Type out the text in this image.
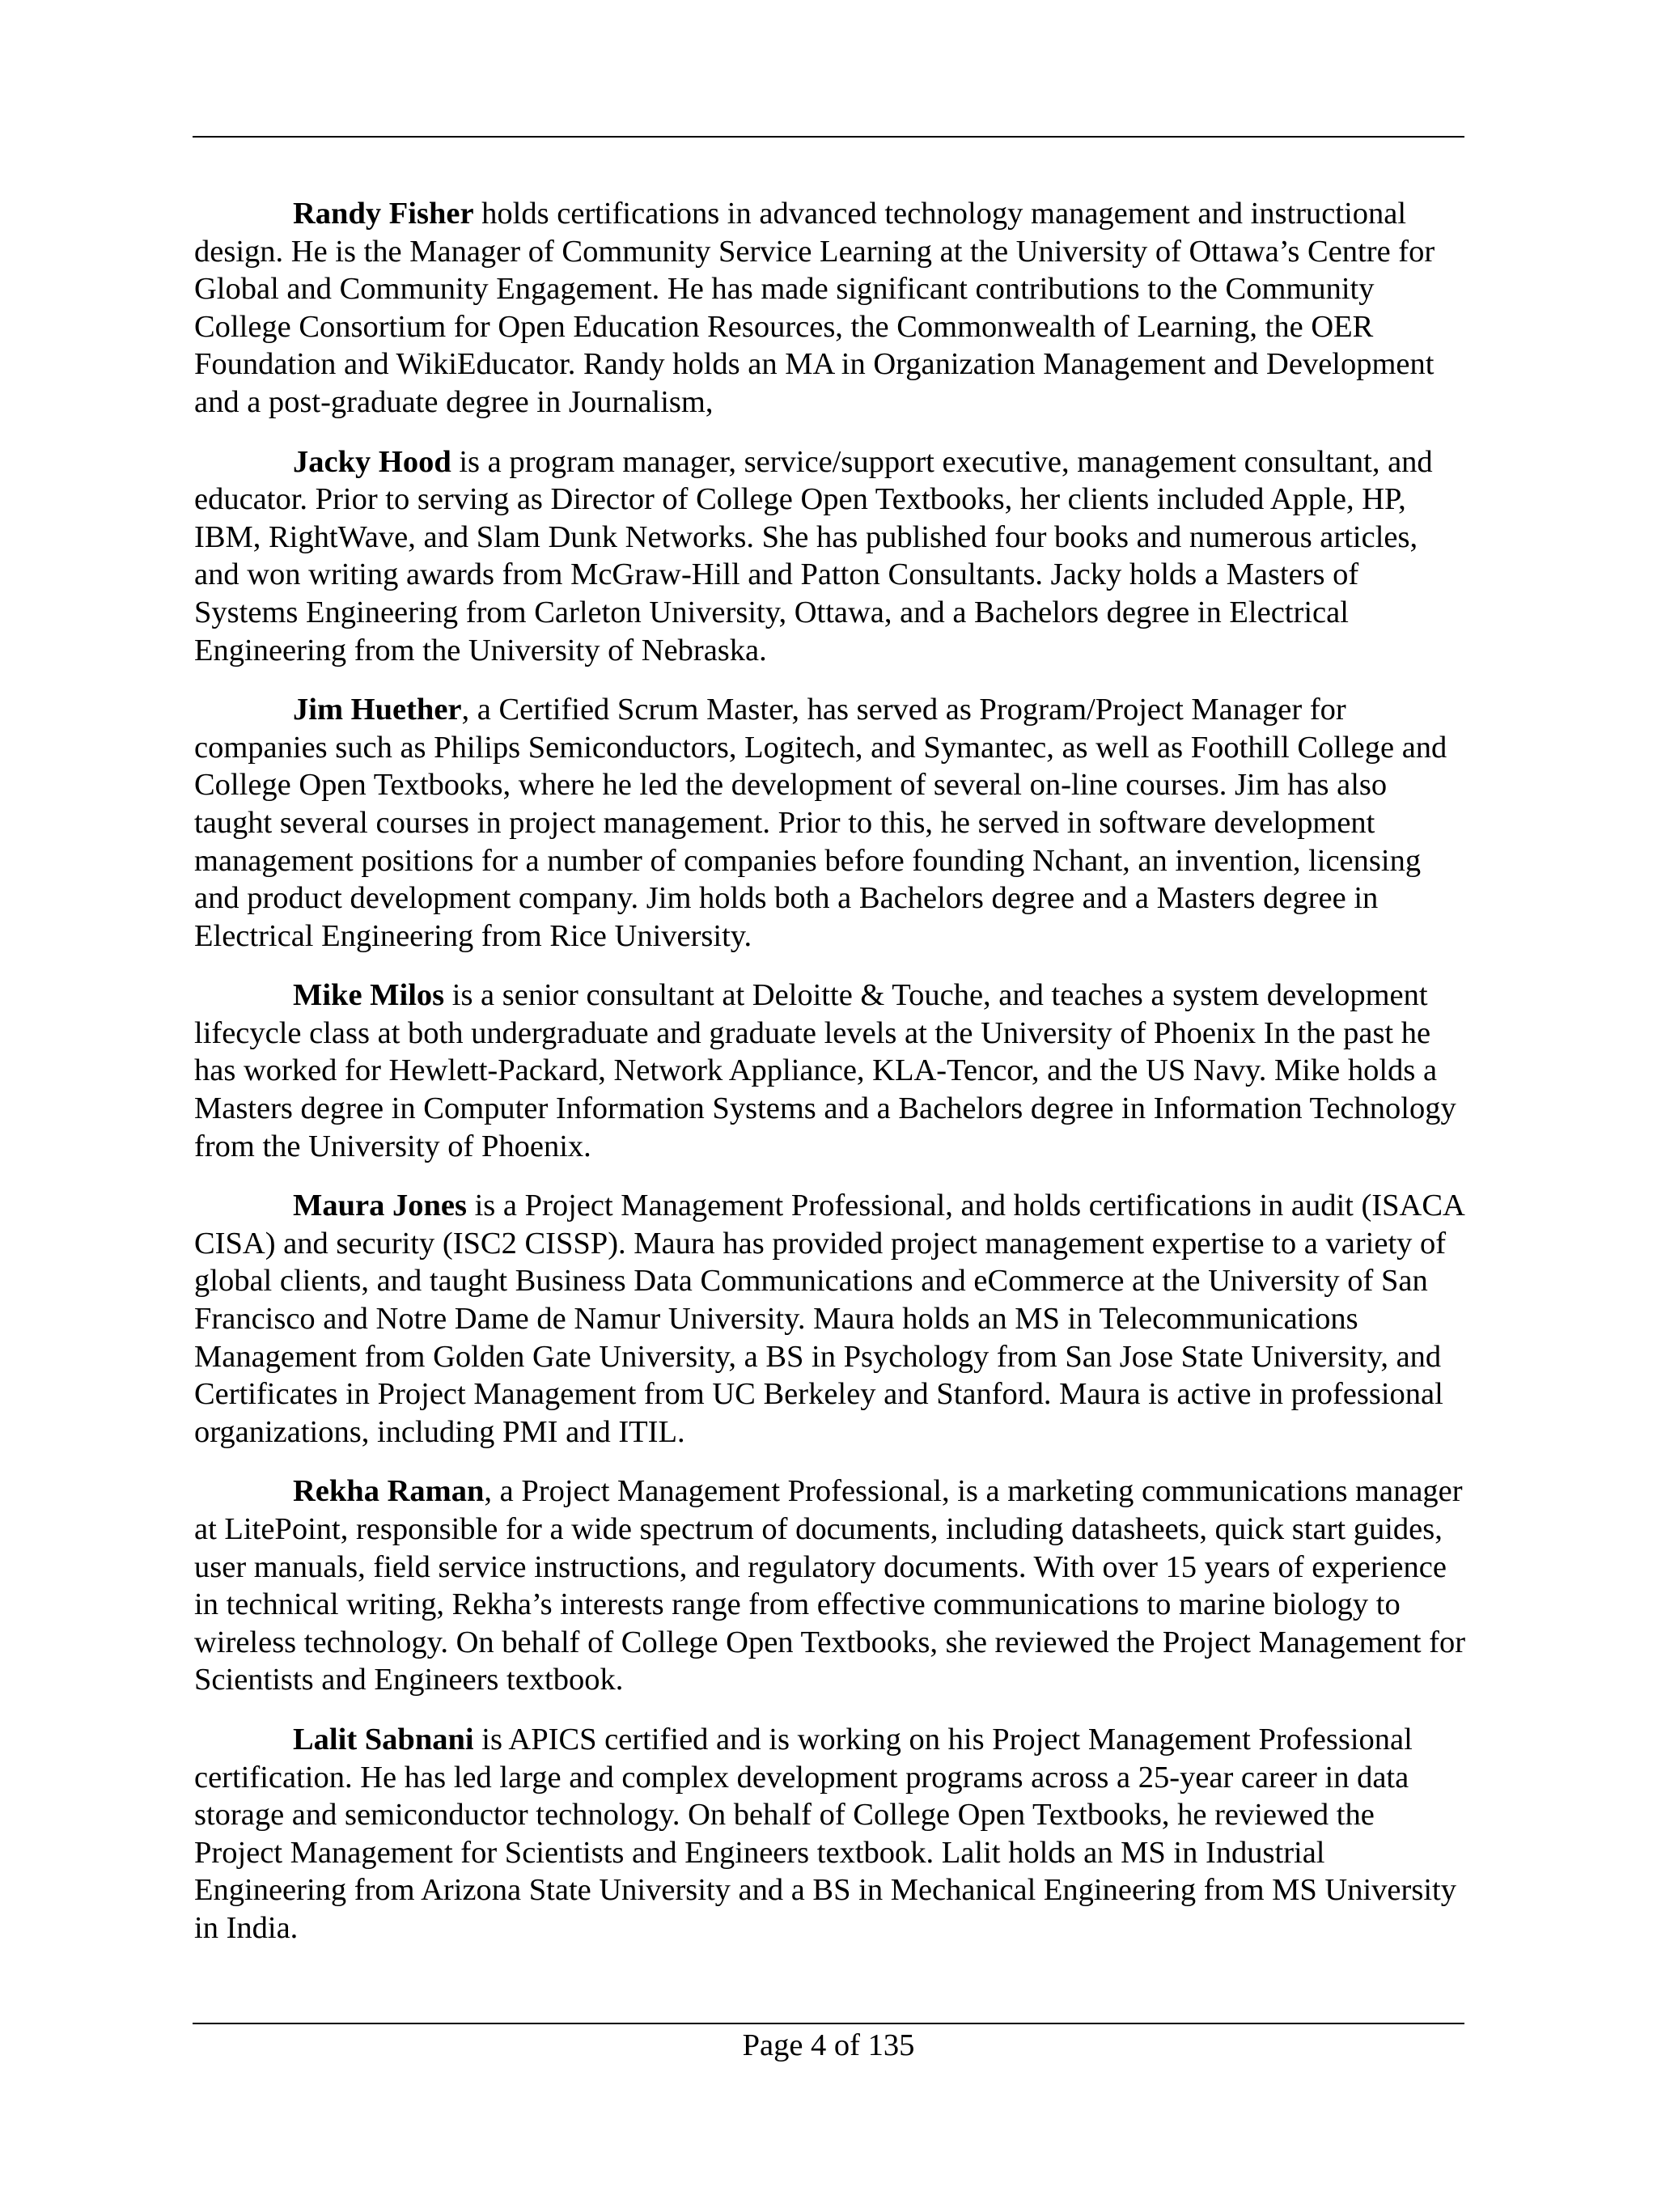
Randy Fisher holds certifications in advanced technology management and instructional design. He is the Manager of Community Service Learning at the University of Ottawa’s Centre for Global and Community Engagement. He has made significant contributions to the Community College Consortium for Open Education Resources, the Commonwealth of Learning, the OER Foundation and WikiEducator. Randy holds an MA in Organization Management and Development and a post-graduate degree in Journalism,

Jacky Hood is a program manager, service/support executive, management consultant, and educator. Prior to serving as Director of College Open Textbooks, her clients included Apple, HP, IBM, RightWave, and Slam Dunk Networks. She has published four books and numerous articles, and won writing awards from McGraw-Hill and Patton Consultants. Jacky holds a Masters of Systems Engineering from Carleton University, Ottawa, and a Bachelors degree in Electrical Engineering from the University of Nebraska.

Jim Huether, a Certified Scrum Master, has served as Program/Project Manager for companies such as Philips Semiconductors, Logitech, and Symantec, as well as Foothill College and College Open Textbooks, where he led the development of several on-line courses. Jim has also taught several courses in project management. Prior to this, he served in software development management positions for a number of companies before founding Nchant, an invention, licensing and product development company. Jim holds both a Bachelors degree and a Masters degree in Electrical Engineering from Rice University.

Mike Milos is a senior consultant at Deloitte & Touche, and teaches a system development lifecycle class at both undergraduate and graduate levels at the University of Phoenix In the past he has worked for Hewlett-Packard, Network Appliance, KLA-Tencor, and the US Navy. Mike holds a Masters degree in Computer Information Systems and a Bachelors degree in Information Technology from the University of Phoenix.

Maura Jones is a Project Management Professional, and holds certifications in audit (ISACA CISA) and security (ISC2 CISSP). Maura has provided project management expertise to a variety of global clients, and taught Business Data Communications and eCommerce at the University of San Francisco and Notre Dame de Namur University. Maura holds an MS in Telecommunications Management from Golden Gate University, a BS in Psychology from San Jose State University, and Certificates in Project Management from UC Berkeley and Stanford. Maura is active in professional organizations, including PMI and ITIL.

Rekha Raman, a Project Management Professional, is a marketing communications manager at LitePoint, responsible for a wide spectrum of documents, including datasheets, quick start guides, user manuals, field service instructions, and regulatory documents. With over 15 years of experience in technical writing, Rekha’s interests range from effective communications to marine biology to wireless technology. On behalf of College Open Textbooks, she reviewed the Project Management for Scientists and Engineers textbook.

Lalit Sabnani is APICS certified and is working on his Project Management Professional certification. He has led large and complex development programs across a 25-year career in data storage and semiconductor technology. On behalf of College Open Textbooks, he reviewed the Project Management for Scientists and Engineers textbook. Lalit holds an MS in Industrial Engineering from Arizona State University and a BS in Mechanical Engineering from MS University in India.

Page 4 of 135
